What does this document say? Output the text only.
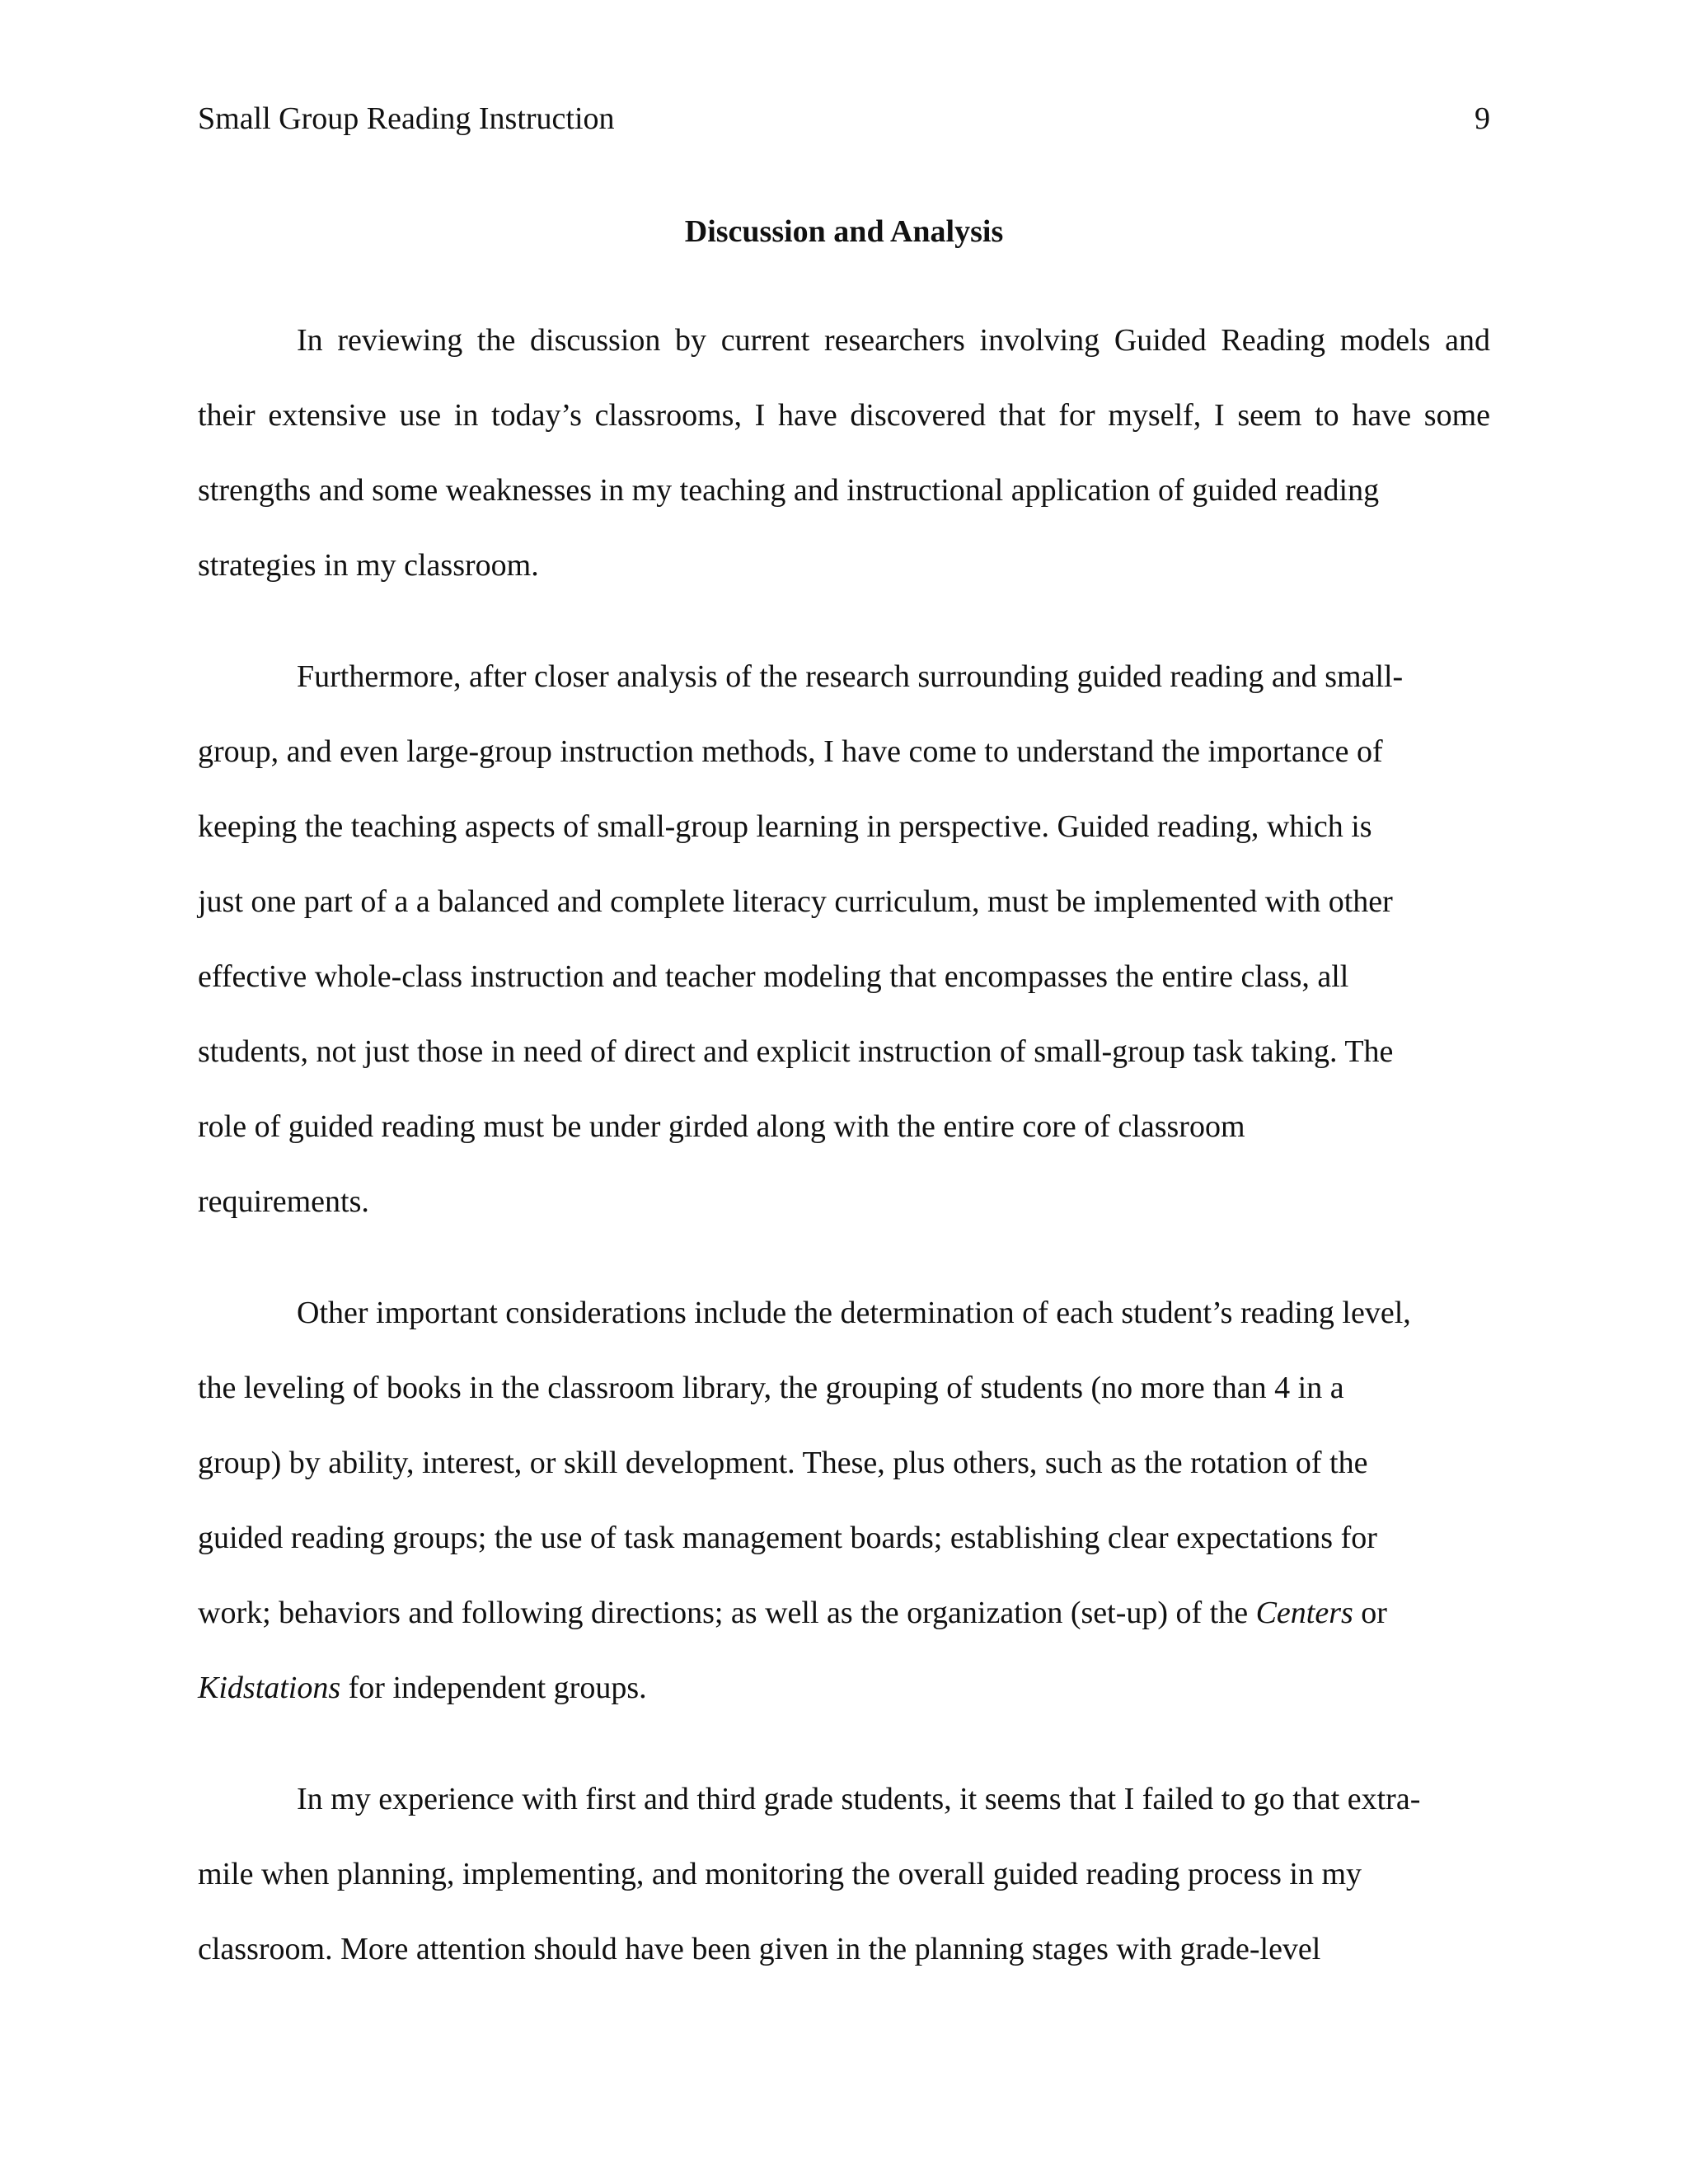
Small Group Reading Instruction	9
Discussion and Analysis
In reviewing the discussion by current researchers involving Guided Reading models and
their extensive use in today’s classrooms, I have discovered that for myself, I seem to have some
strengths and some weaknesses in my teaching and instructional application of guided reading
strategies in my classroom.
Furthermore, after closer analysis of the research surrounding guided reading and small-
group, and even large-group instruction methods, I have come to understand the importance of
keeping the teaching aspects of small-group learning in perspective. Guided reading, which is
just one part of a a balanced and complete literacy curriculum, must be implemented with other
effective whole-class instruction and teacher modeling that encompasses the entire class, all
students, not just those in need of direct and explicit instruction of small-group task taking. The
role of guided reading must be under girded along with the entire core of classroom
requirements.
Other important considerations include the determination of each student’s reading level,
the leveling of books in the classroom library, the grouping of students (no more than 4 in a
group) by ability, interest, or skill development. These, plus others, such as the rotation of the
guided reading groups; the use of task management boards; establishing clear expectations for
work; behaviors and following directions; as well as the organization (set-up) of the Centers or
Kidstations for independent groups.
In my experience with first and third grade students, it seems that I failed to go that extra-
mile when planning, implementing, and monitoring the overall guided reading process in my
classroom. More attention should have been given in the planning stages with grade-level
